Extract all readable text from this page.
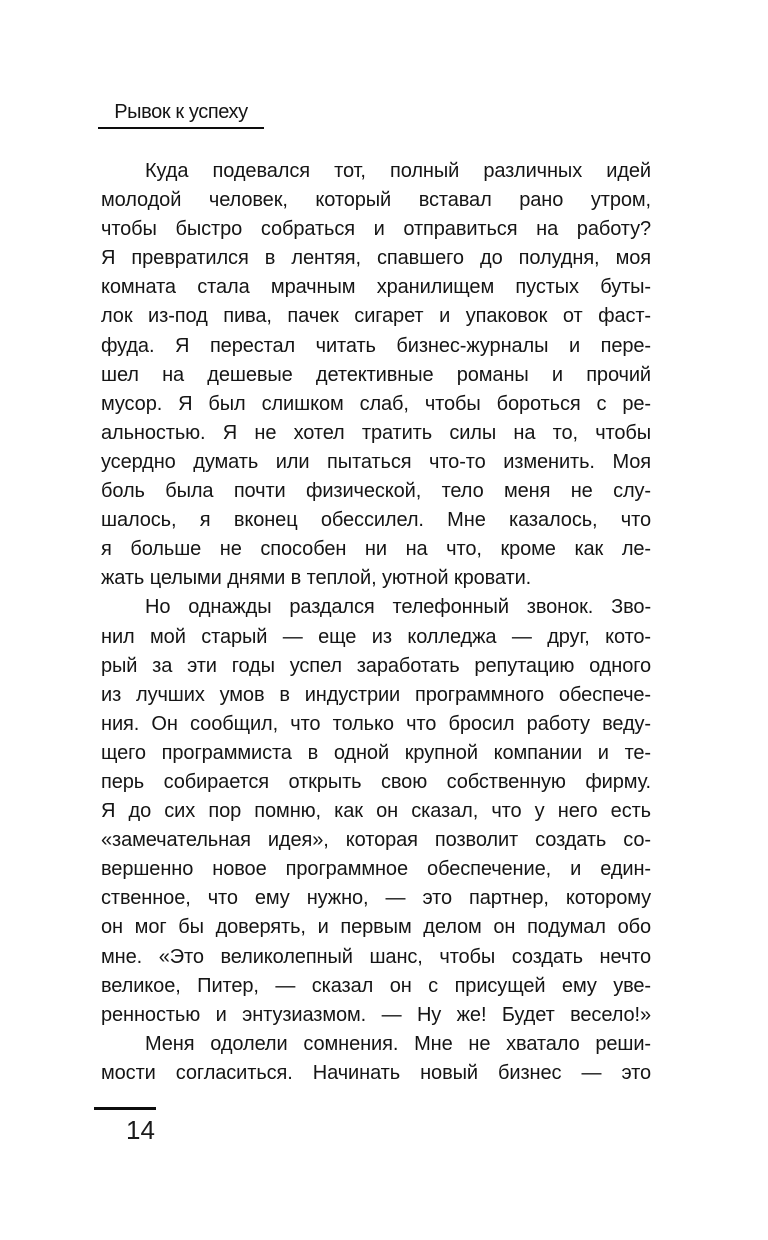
Рывок к успеху
Куда подевался тот, полный различных идей
молодой человек, который вставал рано утром,
чтобы быстро собраться и отправиться на работу?
Я превратился в лентяя, спавшего до полудня, моя
комната стала мрачным хранилищем пустых буты-
лок из-под пива, пачек сигарет и упаковок от фаст-
фуда. Я перестал читать бизнес-журналы и пере-
шел на дешевые детективные романы и прочий
мусор. Я был слишком слаб, чтобы бороться с ре-
альностью. Я не хотел тратить силы на то, чтобы
усердно думать или пытаться что-то изменить. Моя
боль была почти физической, тело меня не слу-
шалось, я вконец обессилел. Мне казалось, что
я больше не способен ни на что, кроме как ле-
жать целыми днями в теплой, уютной кровати.
Но однажды раздался телефонный звонок. Зво-
нил мой старый — еще из колледжа — друг, кото-
рый за эти годы успел заработать репутацию одного
из лучших умов в индустрии программного обеспече-
ния. Он сообщил, что только что бросил работу веду-
щего программиста в одной крупной компании и те-
перь собирается открыть свою собственную фирму.
Я до сих пор помню, как он сказал, что у него есть
«замечательная идея», которая позволит создать со-
вершенно новое программное обеспечение, и един-
ственное, что ему нужно, — это партнер, которому
он мог бы доверять, и первым делом он подумал обо
мне. «Это великолепный шанс, чтобы создать нечто
великое, Питер, — сказал он с присущей ему уве-
ренностью и энтузиазмом. — Ну же! Будет весело!»
Меня одолели сомнения. Мне не хватало реши-
мости согласиться. Начинать новый бизнес — это
14
